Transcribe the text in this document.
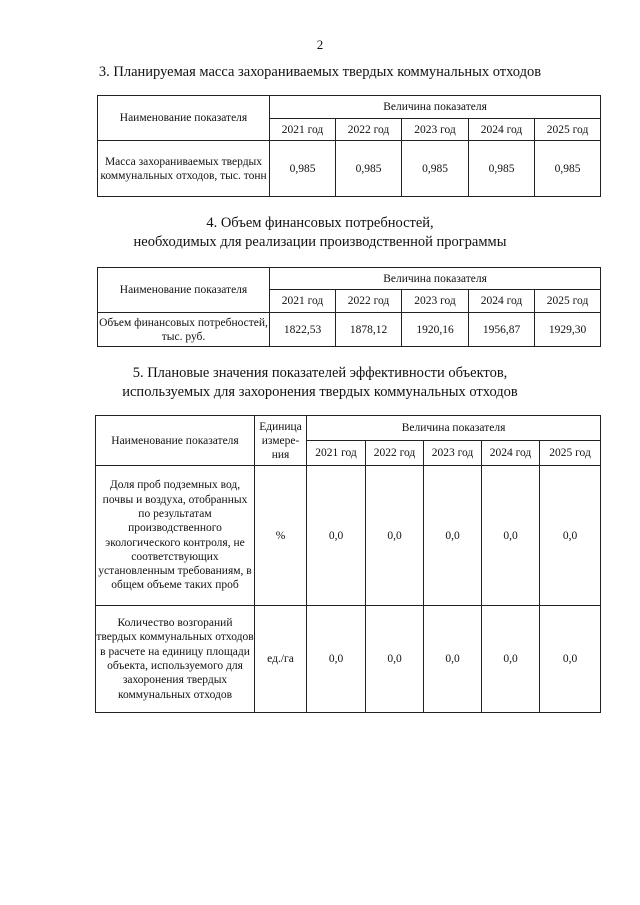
2
3. Планируемая масса захораниваемых твердых коммунальных отходов
Наименование показателя	Величина показателя				
	2021 год	2022 год	2023 год	2024 год	2025 год
Масса захораниваемых твердых коммунальных отходов, тыс. тонн	0,985	0,985	0,985	0,985	0,985
4. Объем финансовых потребностей,
необходимых для реализации производственной программы
Наименование показателя	Величина показателя				
	2021 год	2022 год	2023 год	2024 год	2025 год
Объем финансовых потребностей, тыс. руб.	1822,53	1878,12	1920,16	1956,87	1929,30
5. Плановые значения показателей эффективности объектов,
используемых для захоронения твердых коммунальных отходов
Наименование показателя	Единица измере-ния	Величина показателя				
		2021 год	2022 год	2023 год	2024 год	2025 год
Доля проб подземных вод, почвы и воздуха, отобранных по результатам производственного экологического контроля, не соответствующих установленным требованиям, в общем объеме таких проб	%	0,0	0,0	0,0	0,0	0,0
Количество возгораний твердых коммунальных отходов в расчете на единицу площади объекта, используемого для захоронения твердых коммунальных отходов	ед./га	0,0	0,0	0,0	0,0	0,0
